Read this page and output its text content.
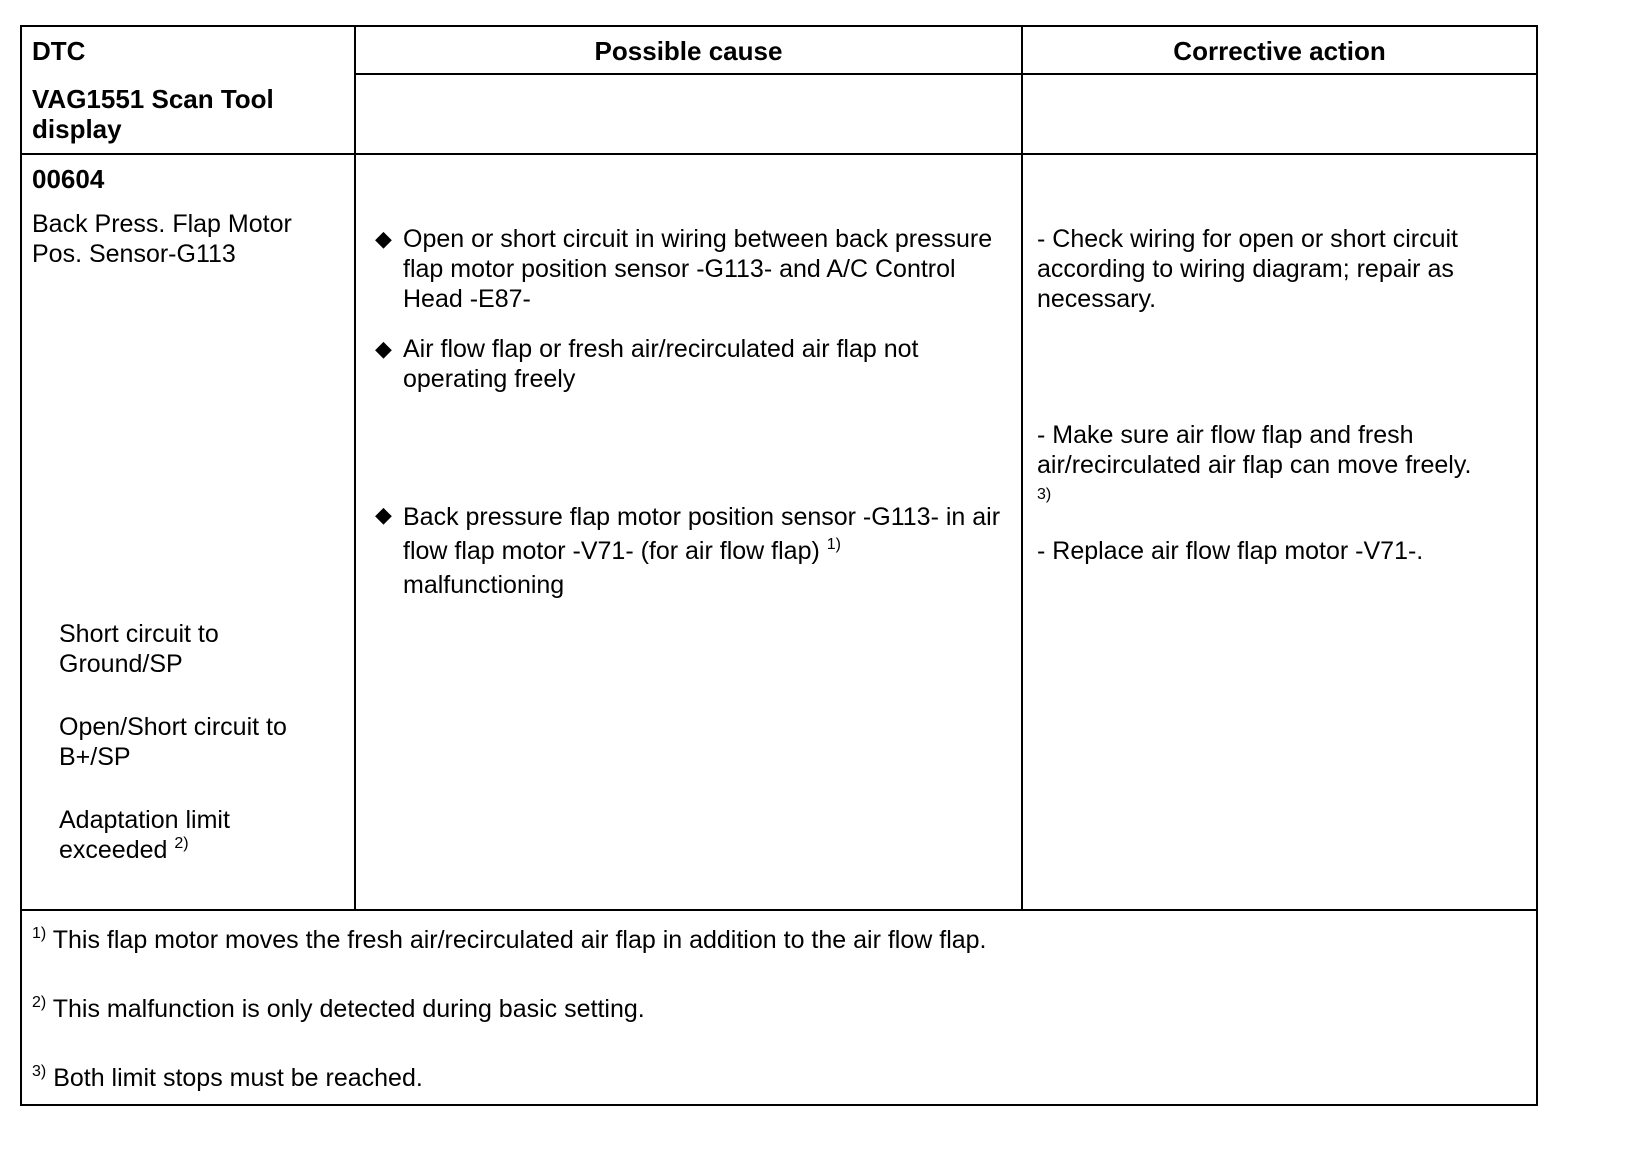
DTC
VAG1551 Scan Tool display
Possible cause	Corrective action
00604
Back Press. Flap Motor Pos. Sensor-G113
Short circuit to Ground/SP
Open/Short circuit to B+/SP
Adaptation limit exceeded $^{2)}$
◆ Open or short circuit in wiring between back pressure flap motor position sensor -G113- and A/C Control Head -E87-
◆ Air flow flap or fresh air/recirculated air flap not operating freely
◆ Back pressure flap motor position sensor -G113- in air flow flap motor -V71- (for air flow flap) $^{1)}$
malfunctioning
- Check wiring for open or short circuit according to wiring diagram; repair as necessary.
- Make sure air flow flap and fresh air/recirculated air flap can move freely.
$^{3)}$
- Replace air flow flap motor -V71-.
$^{1)}$ This flap motor moves the fresh air/recirculated air flap in addition to the air flow flap.
$^{2)}$ This malfunction is only detected during basic setting.
$^{3)}$ Both limit stops must be reached.
